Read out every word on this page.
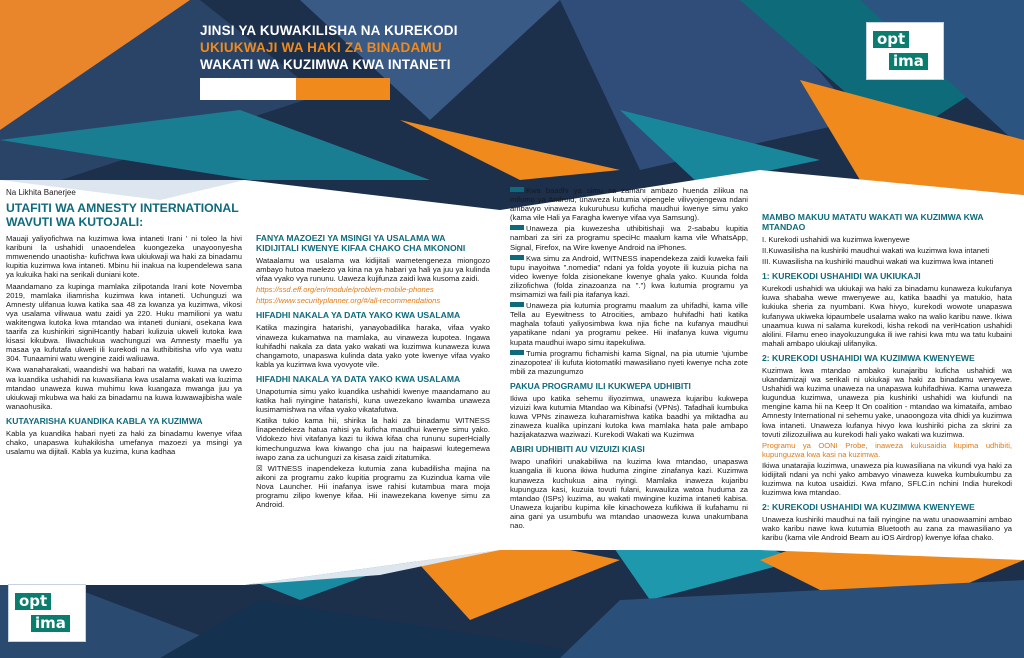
JINSI YA KUWAKILISHA NA KUREKODI
UKIUKWAJI WA HAKI ZA BINADAMU
WAKATI WA KUZIMWA KWA INTANETI
opt
ima
opt
ima

Na Likhita Banerjee

UTAFITI WA AMNESTY INTERNATIONAL WAVUTI WA KUTOJALI:

Mauaji yaliyofichwa na kuzimwa kwa intaneti Irani ' ni toleo la hivi karibuni la ushahidi unaoendelea kuongezeka unayoonyesha mmwenendo unaotisha- kufichwa kwa ukiukwaji wa haki za binadamu kupitia kuzimwa kwa intaneti. Mbinu hii inakua na kupendelewa sana ya kukuika haki na serikali duniani kote.

Maandamano za kupinga mamlaka zilipotanda Irani kote Novemba 2019, mamlaka iliamrisha kuzimwa kwa intaneti. Uchunguzi wa Amnesty ulifanua kuwa katika saa 48 za kwanza ya kuzimwa, vikosi vya usalama viliwaua watu zaidi ya 220. Huku mamilioni ya watu wakitengwa kutoka kwa mtandao wa intaneti duniani, osekana kwa taarifa za kushirikiri signiHcantly habari kulizuia ukweli kutoka kwa kisasi kikubwa. Iliwachukua wachunguzi wa Amnesty maelfu ya masaa ya kufutafa ukweli ili kurekodi na kuthibitisha vifo vya watu 304. Tunaamini watu wengine zaidi waliuawa.

Kwa wanaharakati, waandishi wa habari na watafiti, kuwa na uwezo wa kuandika ushahidi na kuwasiliana kwa usalama wakati wa kuzima mtandao unaweza kuwa muhimu kwa kuangaza mwanga juu ya ukiukwaji mkubwa wa haki za binadamu na kuwa kuwawajibisha wale wanaohusika.

KUTAYARISHA KUANDIKA KABLA YA KUZIMWA

Kabla ya kuandika habari nyeti za haki za binadamu kwenye vifaa chako, unapaswa kuhakikisha umefanya mazoezi ya msingi ya usalamu wa dijitali. Kabla ya kuzima, kuna kadhaa

FANYA MAZOEZI YA MSINGI YA USALAMA WA KIDIJITALI KWENYE KIFAA CHAKO CHA MKONONI

Wataalamu wa usalama wa kidijitali wametengeneza miongozo ambayo hutoa maelezo ya kina na ya habari ya hali ya juu ya kulinda vifaa vyako vya rununu. Uaweza kujifunza zaidi kwa kusoma zaidi.

https://ssd.eff.org/en/module/problem-mobile-phones

https://www.securityplanner.org/#/all-recommendations

HIFADHI NAKALA YA DATA YAKO KWA USALAMA

Katika mazingira hatarishi, yanayobadilika haraka, vifaa vyako vinaweza kukamatwa na mamlaka, au vinaweza kupotea. Ingawa kuhifadhi nakala za data yako wakati wa kuzimwa kunaweza kuwa changamoto, unapaswa kulinda data yako yote kwenye vifaa vyako kabla ya kuzimwa kwa vyovyote vile.

HIFADHI NAKALA YA DATA YAKO KWA USALAMA

Unapotumia simu yako kuandika ushahidi kwenye maandamano au katika hali nyingine hatarishi, kuna uwezekano kwamba unaweza kusimamishwa na vifaa vyako vikatafutwa.

Katika tukio kama hii, shirika la haki za binadamu WITNESS linapendekeza hatua rahisi ya kuficha maudhui kwenye simu yako. Vidokezo hivi vitafanya kazi tu ikiwa kifaa cha rununu superHcially kimechunguzwa kwa kiwango cha juu na haipaswi kutegemewa iwapo zana za uchunguzi za kisasa zaidi zitatumika.

☒ WITNESS inapendekeza kutumia zana kubadilisha majina na aikoni za programu zako kupitia programu za Kuzindua kama vile Nova Launcher. Hii inafanya iswe rahisi kutambua mara moja programu zilipo kwenye kifaa. Hii inawezekana kwenye simu za Android.

Kwa baadhi ya simu za zamani ambazo huenda zilikua na mifumo ya Android, unaweza kutumia vipengele vilivyojengewa ndani ambavyo vinaweza kukuruhusu kuficha maudhui kwenye simu yako (kama vile Hali ya Faragha kwenye vifaa vya Samsung).

Unaweza pia kuwezesha uthibitishaji wa 2-sababu kupitia nambari za siri za programu speciHc maalum kama vile WhatsApp, Signal, Firefox, na Wire kwenye Android na iPhones.

Kwa simu za Android, WITNESS inapendekeza zaidi kuweka faili tupu inayoitwa ".nomedia" ndani ya folda yoyote ili kuzuia picha na video kwenye folda zisionekane kwenye ghala yako. Kuunda folda zilizofichwa (folda zinazoanza na ".") kwa kutumia programu ya msimamizi wa faili pia itafanya kazi.

Unaweza pia kutumia programu maalum za uhifadhi, kama ville Tella au Eyewitness to Atrocities, ambazo huhifadhi hati katika maghala tofauti yaliyosimbwa kwa njia fiche na kufanya maudhui yapatikane ndani ya programu pekee. Hii inafanya kuwa vigumu kupata maudhui iwapo simu itapekuliwa.

Tumia programu fichamishi kama Signal, na pia utumie 'ujumbe zinazopotea' ili kufuta kiotomatiki mawasiliano nyeti kwenye ncha zote mbili za mazungumzo

PAKUA PROGRAMU ILI KUKWEPA UDHIBITI

Ikiwa upo katika sehemu iliyozimwa, unaweza kujaribu kukwepa vizuizi kwa kutumia Mtandao wa Kibinafsi (VPNs). Tafadhali kumbuka kuwa VPNs zinaweza kuharamishwa katika baadhi ya miktadha au zinaweza kualika upinzani kutoka kwa mamlaka hata pale ambapo hazijakatazwa waziwazi. Kurekodi Wakati wa Kuzimwa

ABIRI UDHIBITI AU VIZUIZI KIASI

Iwapo unafikiri unakabiliwa na kuzima kwa mtandao, unapaswa kuangalia ili kuona ikiwa huduma zingine zinafanya kazi. Kuzimwa kunaweza kuchukua aina nyingi. Mamlaka inaweza kujaribu kupunguza kasi, kuzuia tovuti fulani, kuwauliza watoa huduma za mtandao (ISPs) kuzima, au wakati mwingine kuzima intaneti kabisa. Unaweza kujaribu kupima kile kinachoweza kufikiwa ili kufahamu ni aina gani ya usumbufu wa mtandao unaoweza kuwa unakumbana nao.

MAMBO MAKUU MATATU WAKATI WA KUZIMWA KWA MTANDAO

I. Kurekodi ushahidi wa kuzimwa kwenyewe

II.Kuwasilisha na kushiriki maudhui wakati wa kuzimwa kwa intaneti

III. Kuwasilisha na kushiriki maudhui wakati wa kuzimwa kwa intaneti

1: KUREKODI USHAHIDI WA UKIUKAJI

Kurekodi ushahidi wa ukiukaji wa haki za binadamu kunaweza kukufanya kuwa shabaha wewe mwenyewe au, katika baadhi ya matukio, hata kukiuka sheria za nyumbani. Kwa hivyo, kurekodi wowote unapaswa kufanywa ukiweka kipaumbele usalama wako na walio karibu nawe. Ikiwa unaamua kuwa ni salama kurekodi, kisha rekodi na veriHcation ushahidi akilini. Filamu eneo inayokuzunguka ili iwe rahisi kwa mtu wa tatu kubaini mahali ambapo ukiukaji ulifanyika.

2: KUREKODI USHAHIDI WA KUZIMWA KWENYEWE

Kuzimwa kwa mtandao ambako kunajaribu kuficha ushahidi wa ukandamizaji wa serikali ni ukiukaji wa haki za binadamu wenyewe. Ushahidi wa kuzima unaweza na unapaswa kuhifadhiwa. Kama unaweza kugundua kuzimwa, unaweza pia kushiriki ushahidi wa kiufundi na mengine kama hii na Keep It On coalition - mtandao wa kimataifa, ambao Amnesty International ni sehemu yake, unaoongoza vita dhidi ya kuzimwa kwa intaneti. Unaweza kufanya hivyo kwa kushiriki picha za skrini za tovuti zilizozuiliwa au kurekodi hali yako wakati wa kuzimwa.

Programu ya OONI Probe, inaweza kukusaidia kupima udhibiti, kupunguzwa kwa kasi na kuzimwa.

Ikiwa unatarajia kuzimwa, unaweza pia kuwasiliana na vikundi vya haki za kidijitali ndani ya nchi yako ambavyo vinaweza kuweka kumbukumbu za kuzimwa na kutoa usaidizi. Kwa mfano, SFLC.in nchini India hurekodi kuzimwa kwa mtandao.

2: KUREKODI USHAHIDI WA KUZIMWA KWENYEWE

Unaweza kushiriki maudhui na faili nyingine na watu unaowaamini ambao wako karibu nawe kwa kutumia Bluetooth au zana za mawasiliano ya karibu (kama vile Android Beam au iOS Airdrop) kwenye kifaa chako.
